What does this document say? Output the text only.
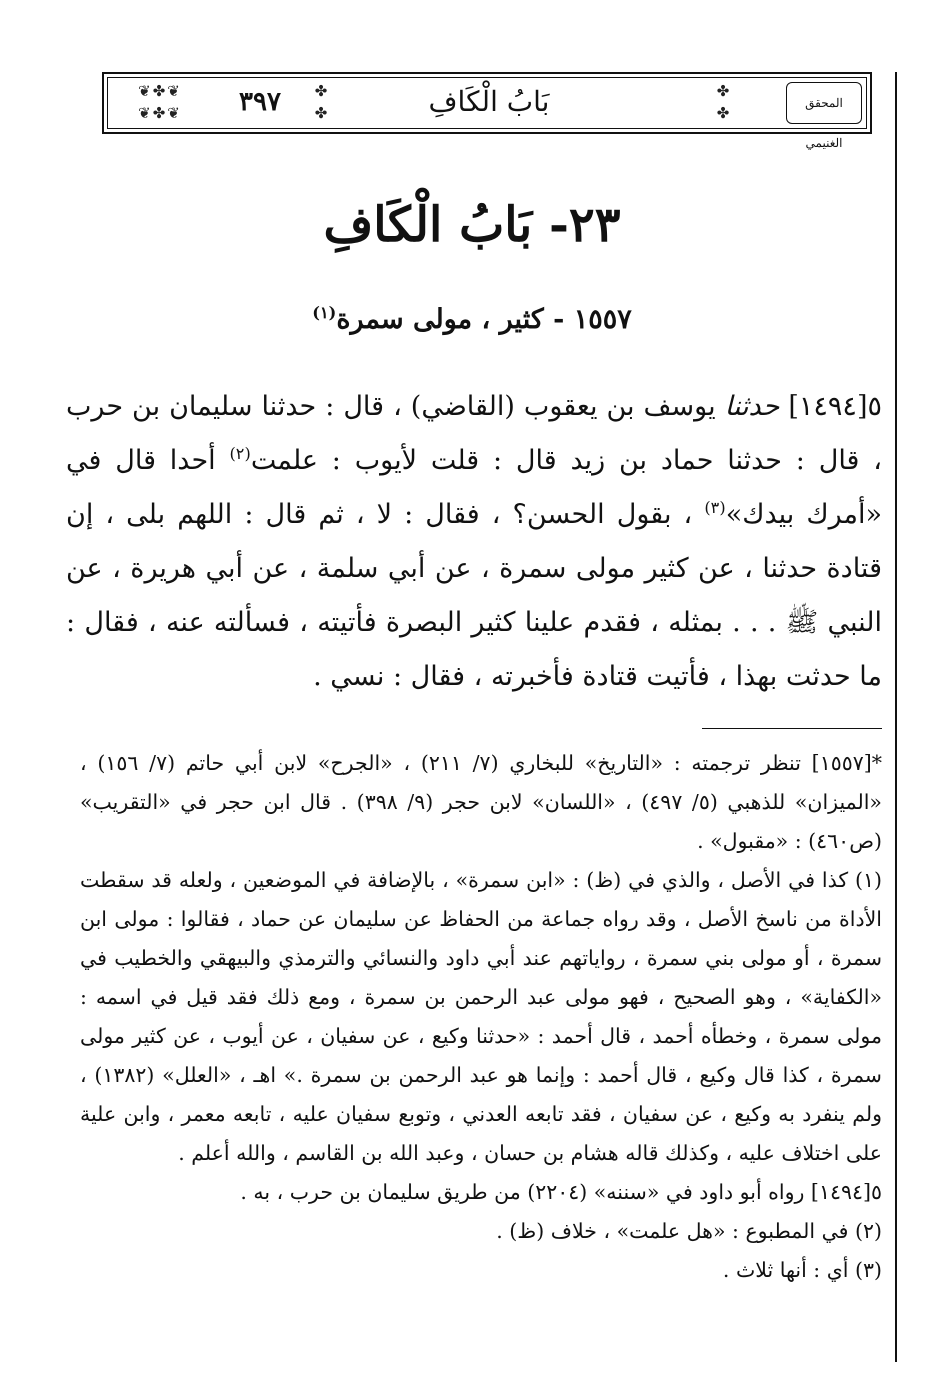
❦✤❦
❦✤❦	٣٩٧	✤
✤	بَابُ الْكَافِ	✤
✤
المحقق الغنيمي
٢٣- بَابُ الْكَافِ
١٥٥٧ - كثير ، مولى سمرة$^{(١)}$

٥[١٤٩٤] حدثنا يوسف بن يعقوب (القاضي) ، قال : حدثنا سليمان بن حرب ، قال : حدثنا حماد بن زيد قال : قلت لأيوب : علمت$^{(٢)}$ أحدا قال في «أمرك بيدك»$^{(٣)}$ ، بقول الحسن؟ ، فقال : لا ، ثم قال : اللهم بلى ، إن قتادة حدثنا ، عن كثير مولى سمرة ، عن أبي سلمة ، عن أبي هريرة ، عن النبي ﷺ . . . بمثله ، فقدم علينا كثير البصرة فأتيته ، فسألته عنه ، فقال : ما حدثت بهذا ، فأتيت قتادة فأخبرته ، فقال : نسي .

*[١٥٥٧] تنظر ترجمته : «التاريخ» للبخاري (٧/ ٢١١) ، «الجرح» لابن أبي حاتم (٧/ ١٥٦) ، «الميزان» للذهبي (٥/ ٤٩٧) ، «اللسان» لابن حجر (٩/ ٣٩٨) . قال ابن حجر في «التقريب» (ص٤٦٠) : «مقبول» .

(١) كذا في الأصل ، والذي في (ظ) : «ابن سمرة» ، بالإضافة في الموضعين ، ولعله قد سقطت الأداة من ناسخ الأصل ، وقد رواه جماعة من الحفاظ عن سليمان عن حماد ، فقالوا : مولى ابن سمرة ، أو مولى بني سمرة ، رواياتهم عند أبي داود والنسائي والترمذي والبيهقي والخطيب في «الكفاية» ، وهو الصحيح ، فهو مولى عبد الرحمن بن سمرة ، ومع ذلك فقد قيل في اسمه : مولى سمرة ، وخطأه أحمد ، قال أحمد : «حدثنا وكيع ، عن سفيان ، عن أيوب ، عن كثير مولى سمرة ، كذا قال وكيع ، قال أحمد : وإنما هو عبد الرحمن بن سمرة .» اهـ ، «العلل» (١٣٨٢) ، ولم ينفرد به وكيع ، عن سفيان ، فقد تابعه العدني ، وتوبع سفيان عليه ، تابعه معمر ، وابن علية على اختلاف عليه ، وكذلك قاله هشام بن حسان ، وعبد الله بن القاسم ، والله أعلم .

٥[١٤٩٤] رواه أبو داود في «سننه» (٢٢٠٤) من طريق سليمان بن حرب ، به .

(٢) في المطبوع : «هل علمت» ، خلاف (ظ) .

(٣) أي : أنها ثلاث .
